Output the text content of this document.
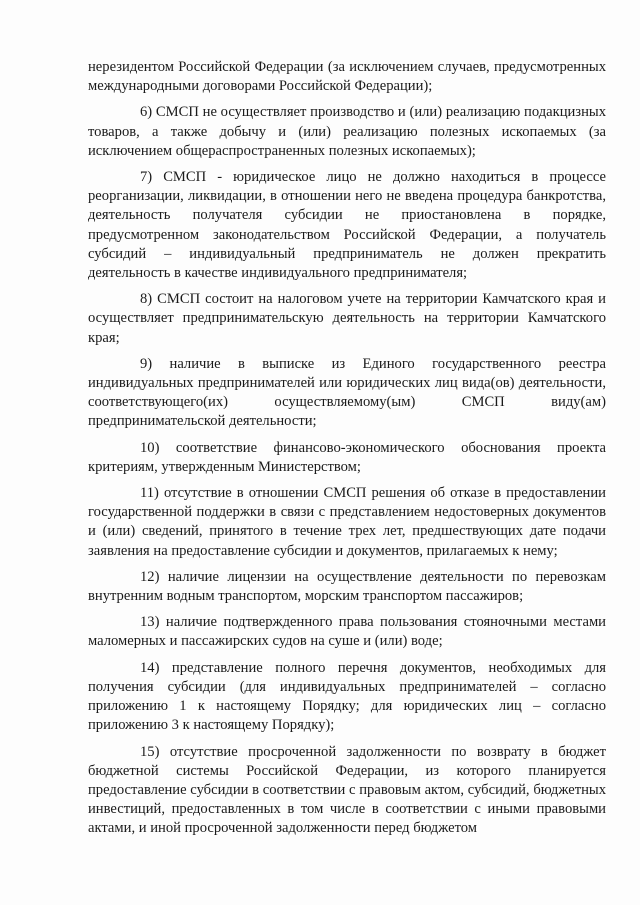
нерезидентом Российской Федерации (за исключением случаев, предусмотренных международными договорами Российской Федерации);

6) СМСП не осуществляет производство и (или) реализацию подакцизных товаров, а также добычу и (или) реализацию полезных ископаемых (за исключением общераспространенных полезных ископаемых);

7) СМСП - юридическое лицо не должно находиться в процессе реорганизации, ликвидации, в отношении него не введена процедура банкротства, деятельность получателя субсидии не приостановлена в порядке, предусмотренном законодательством Российской Федерации, а получатель субсидий – индивидуальный предприниматель не должен прекратить деятельность в качестве индивидуального предпринимателя;

8) СМСП состоит на налоговом учете на территории Камчатского края и осуществляет предпринимательскую деятельность на территории Камчатского края;

9) наличие в выписке из Единого государственного реестра индивидуальных предпринимателей или юридических лиц вида(ов) деятельности, соответствующего(их) осуществляемому(ым) СМСП виду(ам) предпринимательской деятельности;

10) соответствие финансово-экономического обоснования проекта критериям, утвержденным Министерством;

11) отсутствие в отношении СМСП решения об отказе в предоставлении государственной поддержки в связи с представлением недостоверных документов и (или) сведений, принятого в течение трех лет, предшествующих дате подачи заявления на предоставление субсидии и документов, прилагаемых к нему;

12) наличие лицензии на осуществление деятельности по перевозкам внутренним водным транспортом, морским транспортом пассажиров;

13) наличие подтвержденного права пользования стояночными местами маломерных и пассажирских судов на суше и (или) воде;

14) представление полного перечня документов, необходимых для получения субсидии (для индивидуальных предпринимателей – согласно приложению 1 к настоящему Порядку; для юридических лиц – согласно приложению 3 к настоящему Порядку);

15) отсутствие просроченной задолженности по возврату в бюджет бюджетной системы Российской Федерации, из которого планируется предоставление субсидии в соответствии с правовым актом, субсидий, бюджетных инвестиций, предоставленных в том числе в соответствии с иными правовыми актами, и иной просроченной задолженности перед бюджетом
